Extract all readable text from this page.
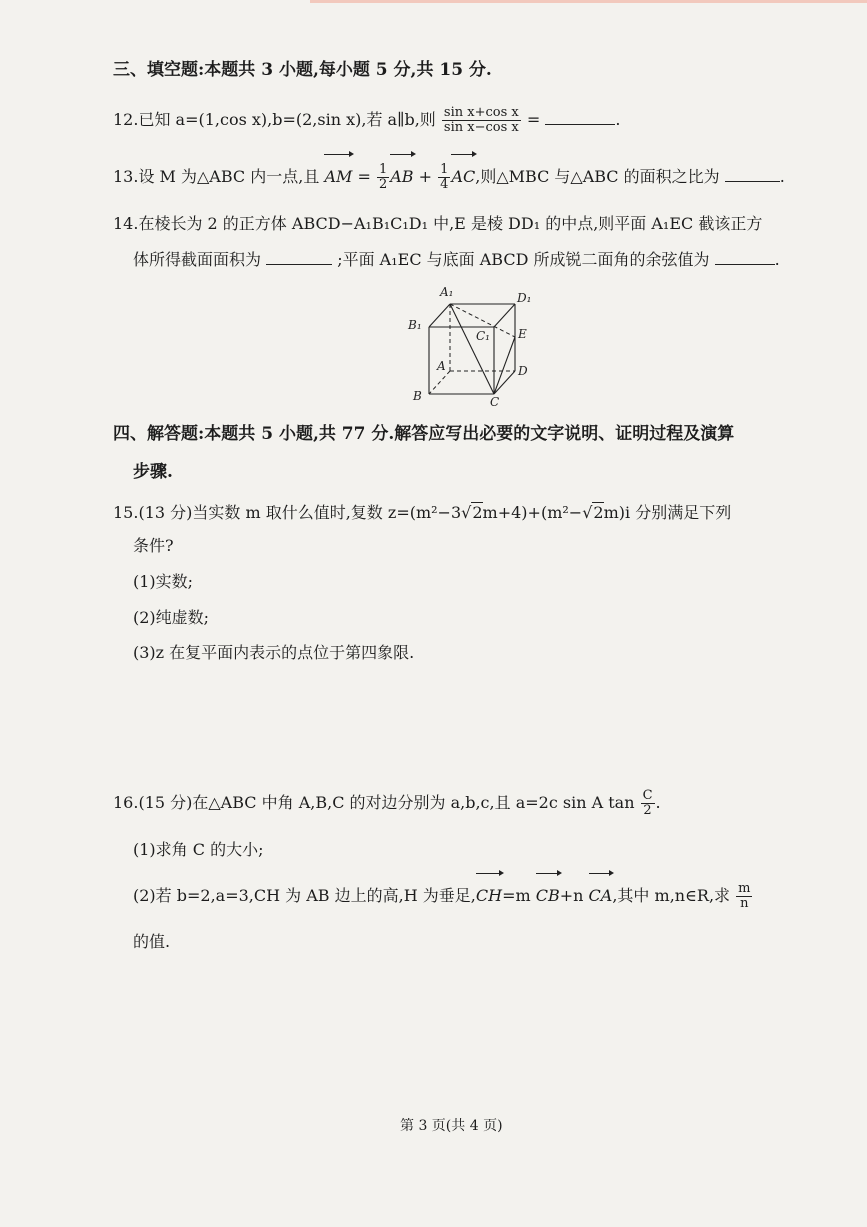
三、填空题:本题共 3 小题,每小题 5 分,共 15 分.
12.已知 a=(1,cos x),b=(2,sin x),若 a∥b,则 $\frac{\text{sin x+cos x}}{\text{sin x−cos x}}$ =	.
13.设 M 为△ABC 内一点,且 AM = $\frac{1}{2}$ AB + $\frac{1}{4}$ AC,则△MBC 与△ABC 的面积之比为	.
14.在棱长为 2 的正方体 ABCD−A₁B₁C₁D₁ 中,E 是棱 DD₁ 的中点,则平面 A₁EC 截该正方
体所得截面面积为	;平面 A₁EC 与底面 ABCD 所成锐二面角的余弦值为	.
A₁	D₁
B₁
C₁ E
A	D
B	C
四、解答题:本题共 5 小题,共 77 分.解答应写出必要的文字说明、证明过程及演算
步骤.
15.(13 分)当实数 m 取什么值时,复数 z=(m²−3√2m+4)+(m²−√2m)i 分别满足下列
条件?
(1)实数;
(2)纯虚数;
(3)z 在复平面内表示的点位于第四象限.
16.(15 分)在△ABC 中角 A,B,C 的对边分别为 a,b,c,且 a=2c sin A $\tan \frac{C}{2}$ .
(1)求角 C 的大小;
(2)若 b=2,a=3,CH 为 AB 边上的高,H 为垂足,CH=m CB+n CA,其中 m,n∈R,求 $\frac{m}{n}$
的值.
第 3 页(共 4 页)
